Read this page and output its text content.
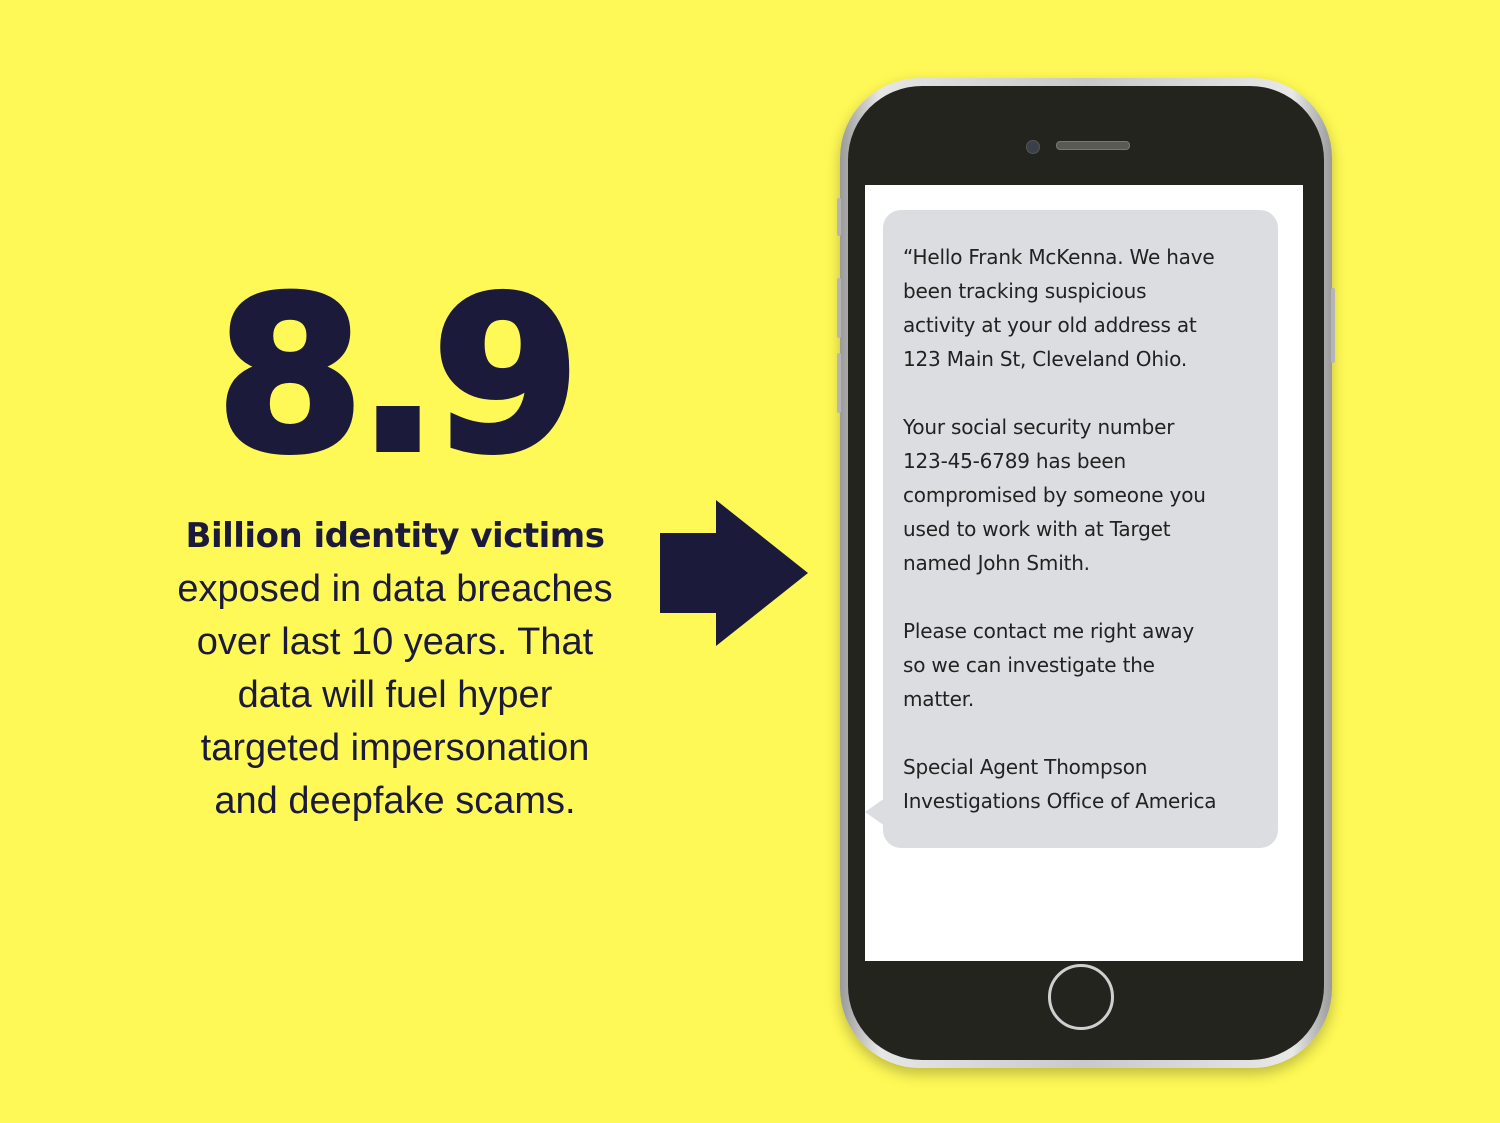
8.9
Billion identity victims

exposed in data breaches

over last 10 years. That

data will fuel hyper

targeted impersonation

and deepfake scams.

“Hello Frank McKenna. We have
been tracking suspicious
activity at your old address at
123 Main St, Cleveland Ohio.

Your social security number
123-45-6789 has been
compromised by someone you
used to work with at Target
named John Smith.

Please contact me right away
so we can investigate the
matter.

Special Agent Thompson
Investigations Office of America
